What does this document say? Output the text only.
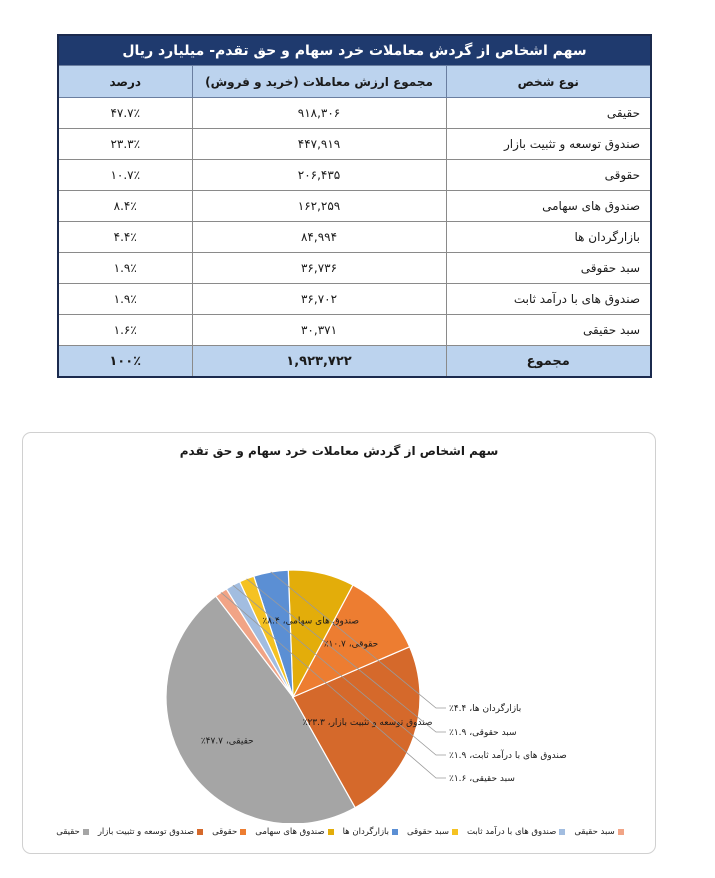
سهم اشخاص از گردش معاملات خرد سهام و حق تقدم- میلیارد ریال		
نوع شخص	مجموع ارزش معاملات (خرید و فروش)	درصد
حقیقی	۹۱۸,۳۰۶	۴۷.۷٪
صندوق توسعه و تثبیت بازار	۴۴۷,۹۱۹	۲۳.۳٪
حقوقی	۲۰۶,۴۳۵	۱۰.۷٪
صندوق های سهامی	۱۶۲,۲۵۹	۸.۴٪
بازارگردان ها	۸۴,۹۹۴	۴.۴٪
سبد حقوقی	۳۶,۷۳۶	۱.۹٪
صندوق های با درآمد ثابت	۳۶,۷۰۲	۱.۹٪
سبد حقیقی	۳۰,۳۷۱	۱.۶٪
مجموع	۱,۹۲۳,۷۲۲	۱۰۰٪
سهم اشخاص از گردش معاملات خرد سهام و حق تقدم
حقیقی، ۴۷.۷٪
صندوق توسعه و تثبیت بازار، ۲۳.۳٪
حقوقی، ۱۰.۷٪
صندوق های سهامی، ۸.۴٪
بازارگردان ها، ۴.۴٪
سبد حقوقی، ۱.۹٪
صندوق های با درآمد ثابت، ۱.۹٪
سبد حقیقی، ۱.۶٪
حقیقی صندوق توسعه و تثبیت بازار حقوقی صندوق های سهامی بازارگردان ها سبد حقوقی صندوق های با درآمد ثابت سبد حقیقی
